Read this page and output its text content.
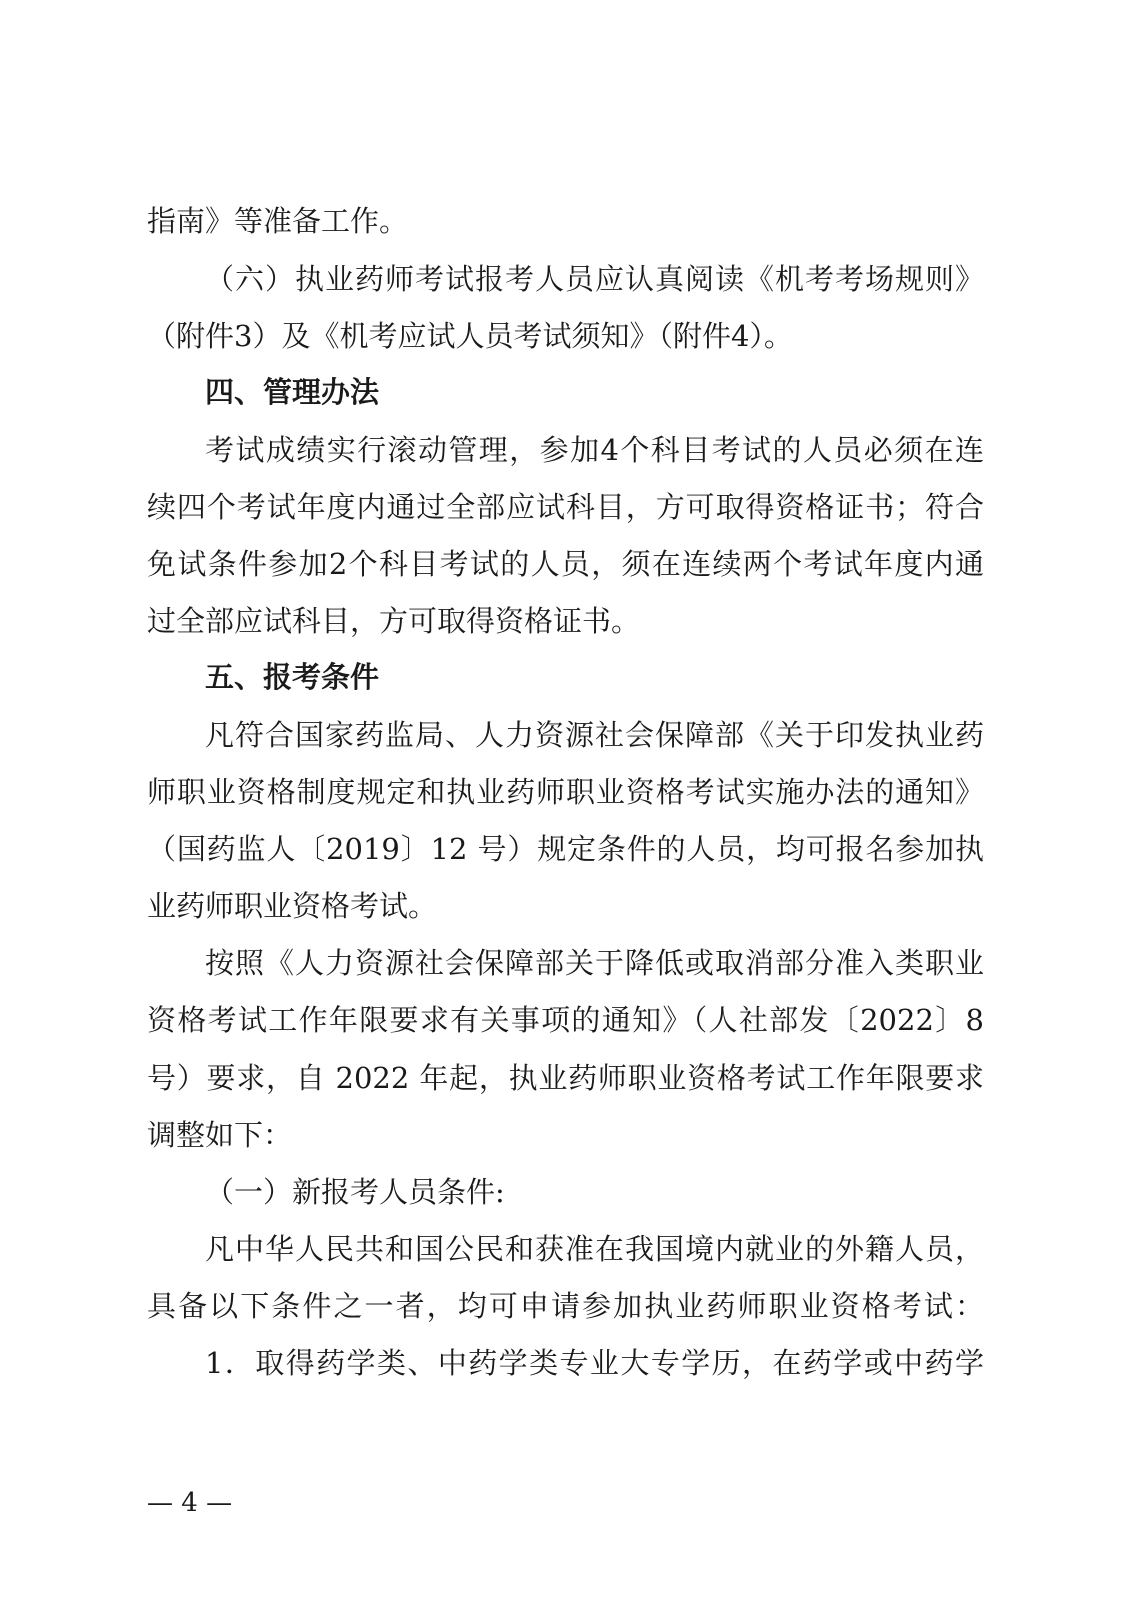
指南》等准备工作。
（六）执业药师考试报考人员应认真阅读《机考考场规则》
（附件3）及《机考应试人员考试须知》（附件4）。
四、管理办法
考试成绩实行滚动管理，参加4个科目考试的人员必须在连
续四个考试年度内通过全部应试科目，方可取得资格证书；符合
免试条件参加2个科目考试的人员，须在连续两个考试年度内通
过全部应试科目，方可取得资格证书。
五、报考条件
凡符合国家药监局、人力资源社会保障部《关于印发执业药
师职业资格制度规定和执业药师职业资格考试实施办法的通知》
（国药监人〔2019〕12 号）规定条件的人员，均可报名参加执
业药师职业资格考试。
按照《人力资源社会保障部关于降低或取消部分准入类职业
资格考试工作年限要求有关事项的通知》（人社部发〔2022〕8
号）要求，自 2022 年起，执业药师职业资格考试工作年限要求
调整如下：
（一）新报考人员条件:
凡中华人民共和国公民和获准在我国境内就业的外籍人员，
具备以下条件之一者，均可申请参加执业药师职业资格考试：
1．取得药学类、中药学类专业大专学历，在药学或中药学
— 4 —
